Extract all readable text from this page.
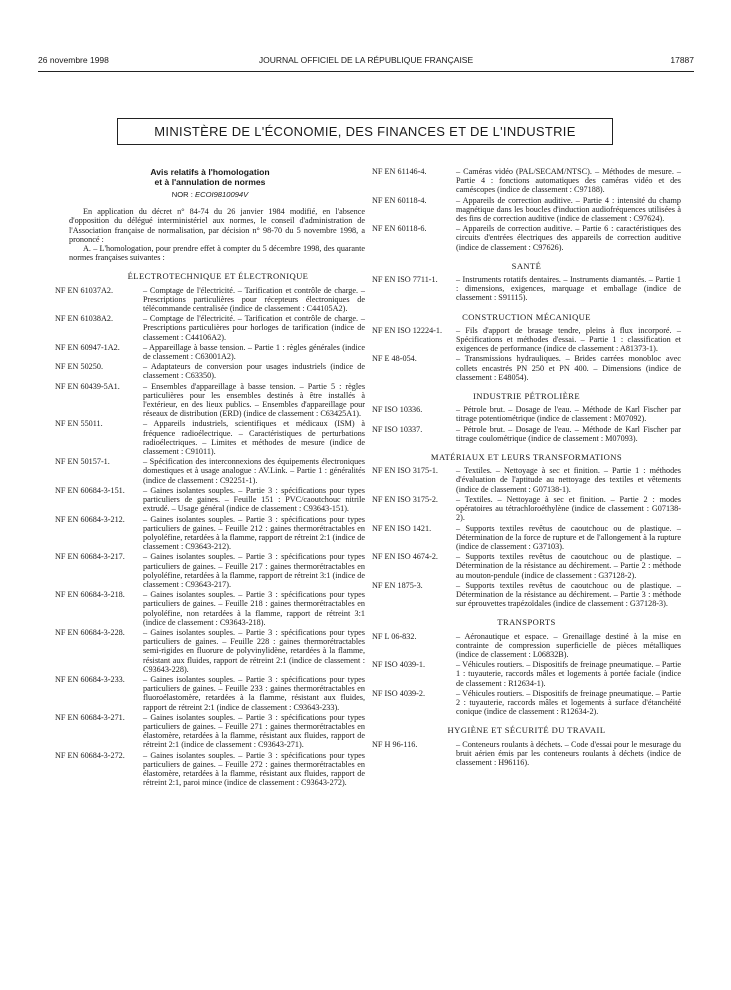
26 novembre 1998	JOURNAL OFFICIEL DE LA RÉPUBLIQUE FRANÇAISE	17887
MINISTÈRE DE L'ÉCONOMIE, DES FINANCES ET DE L'INDUSTRIE
Avis relatifs à l'homologation
et à l'annulation de normes
NOR : ECOI9810094V

En application du décret n° 84-74 du 26 janvier 1984 modifié, en l'absence d'opposition du délégué interministériel aux normes, le conseil d'administration de l'Association française de normalisation, par décision n° 98-70 du 5 novembre 1998, a prononcé :

A. – L'homologation, pour prendre effet à compter du 5 décembre 1998, des quarante normes françaises suivantes :

ÉLECTROTECHNIQUE ET ÉLECTRONIQUE
NF EN 61037A2.	– Comptage de l'électricité. – Tarification et contrôle de charge. – Prescriptions particulières pour récepteurs électroniques de télécommande centralisée (indice de classement : C44105A2).
NF EN 61038A2.	– Comptage de l'électricité. – Tarification et contrôle de charge. – Prescriptions particulières pour horloges de tarification (indice de classement : C44106A2).
NF EN 60947-1A2.	– Appareillage à basse tension. – Partie 1 : règles générales (indice de classement : C63001A2).
NF EN 50250.	– Adaptateurs de conversion pour usages industriels (indice de classement : C63350).
NF EN 60439-5A1.	– Ensembles d'appareillage à basse tension. – Partie 5 : règles particulières pour les ensembles destinés à être installés à l'extérieur, en des lieux publics. – Ensembles d'appareillage pour réseaux de distribution (ERD) (indice de classement : C63425A1).
NF EN 55011.	– Appareils industriels, scientifiques et médicaux (ISM) à fréquence radioélectrique. – Caractéristiques de perturbations radioélectriques. – Limites et méthodes de mesure (indice de classement : C91011).
NF EN 50157-1.	– Spécification des interconnexions des équipements électroniques domestiques et à usage analogue : AV.Link. – Partie 1 : généralités (indice de classement : C92251-1).
NF EN 60684-3-151.	– Gaines isolantes souples. – Partie 3 : spécifications pour types particuliers de gaines. – Feuille 151 : PVC/caoutchouc nitrile extrudé. – Usage général (indice de classement : C93643-151).
NF EN 60684-3-212.	– Gaines isolantes souples. – Partie 3 : spécifications pour types particuliers de gaines. – Feuille 212 : gaines thermorétractables en polyoléfine, retardées à la flamme, rapport de rétreint 2:1 (indice de classement : C93643-212).
NF EN 60684-3-217.	– Gaines isolantes souples. – Partie 3 : spécifications pour types particuliers de gaines. – Feuille 217 : gaines thermorétractables en polyoléfine, retardées à la flamme, rapport de rétreint 3:1 (indice de classement : C93643-217).
NF EN 60684-3-218.	– Gaines isolantes souples. – Partie 3 : spécifications pour types particuliers de gaines. – Feuille 218 : gaines thermorétractables en polyoléfine, non retardées à la flamme, rapport de rétreint 3:1 (indice de classement : C93643-218).
NF EN 60684-3-228.	– Gaines isolantes souples. – Partie 3 : spécifications pour types particuliers de gaines. – Feuille 228 : gaines thermorétractables semi-rigides en fluorure de polyvinylidène, retardées à la flamme, résistant aux fluides, rapport de rétreint 2:1 (indice de classement : C93643-228).
NF EN 60684-3-233.	– Gaines isolantes souples. – Partie 3 : spécifications pour types particuliers de gaines. – Feuille 233 : gaines thermorétractables en fluoroélastomère, retardées à la flamme, résistant aux fluides, rapport de rétreint 2:1 (indice de classement : C93643-233).
NF EN 60684-3-271.	– Gaines isolantes souples. – Partie 3 : spécifications pour types particuliers de gaines. – Feuille 271 : gaines thermorétractables en élastomère, retardées à la flamme, résistant aux fluides, rapport de rétreint 2:1 (indice de classement : C93643-271).
NF EN 60684-3-272.	– Gaines isolantes souples. – Partie 3 : spécifications pour types particuliers de gaines. – Feuille 272 : gaines thermorétractables en élastomère, retardées à la flamme, résistant aux fluides, rapport de rétreint 2:1, paroi mince (indice de classement : C93643-272).
NF EN 61146-4.	– Caméras vidéo (PAL/SECAM/NTSC). – Méthodes de mesure. – Partie 4 : fonctions automatiques des caméras vidéo et des caméscopes (indice de classement : C97188).
NF EN 60118-4.	– Appareils de correction auditive. – Partie 4 : intensité du champ magnétique dans les boucles d'induction audiofréquences utilisées à des fins de correction auditive (indice de classement : C97624).
NF EN 60118-6.	– Appareils de correction auditive. – Partie 6 : caractéristiques des circuits d'entrées électriques des appareils de correction auditive (indice de classement : C97626).
SANTÉ
NF EN ISO 7711-1.	– Instruments rotatifs dentaires. – Instruments diamantés. – Partie 1 : dimensions, exigences, marquage et emballage (indice de classement : S91115).
CONSTRUCTION MÉCANIQUE
NF EN ISO 12224-1.	– Fils d'apport de brasage tendre, pleins à flux incorporé. – Spécifications et méthodes d'essai. – Partie 1 : classification et exigences de performance (indice de classement : A81373-1).
NF E 48-054.	– Transmissions hydrauliques. – Brides carrées monobloc avec collets encastrés PN 250 et PN 400. – Dimensions (indice de classement : E48054).
INDUSTRIE PÉTROLIÈRE
NF ISO 10336.	– Pétrole brut. – Dosage de l'eau. – Méthode de Karl Fischer par titrage potentiométrique (indice de classement : M07092).
NF ISO 10337.	– Pétrole brut. – Dosage de l'eau. – Méthode de Karl Fischer par titrage coulométrique (indice de classement : M07093).
MATÉRIAUX ET LEURS TRANSFORMATIONS
NF EN ISO 3175-1.	– Textiles. – Nettoyage à sec et finition. – Partie 1 : méthodes d'évaluation de l'aptitude au nettoyage des textiles et vêtements (indice de classement : G07138-1).
NF EN ISO 3175-2.	– Textiles. – Nettoyage à sec et finition. – Partie 2 : modes opératoires au tétrachloroéthylène (indice de classement : G07138-2).
NF EN ISO 1421.	– Supports textiles revêtus de caoutchouc ou de plastique. – Détermination de la force de rupture et de l'allongement à la rupture (indice de classement : G37103).
NF EN ISO 4674-2.	– Supports textiles revêtus de caoutchouc ou de plastique. – Détermination de la résistance au déchirement. – Partie 2 : méthode au mouton-pendule (indice de classement : G37128-2).
NF EN 1875-3.	– Supports textiles revêtus de caoutchouc ou de plastique. – Détermination de la résistance au déchirement. – Partie 3 : méthode sur éprouvettes trapézoïdales (indice de classement : G37128-3).
TRANSPORTS
NF L 06-832.	– Aéronautique et espace. – Grenaillage destiné à la mise en contrainte de compression superficielle de pièces métalliques (indice de classement : L06832B).
NF ISO 4039-1.	– Véhicules routiers. – Dispositifs de freinage pneumatique. – Partie 1 : tuyauterie, raccords mâles et logements à portée faciale (indice de classement : R12634-1).
NF ISO 4039-2.	– Véhicules routiers. – Dispositifs de freinage pneumatique. – Partie 2 : tuyauterie, raccords mâles et logements à surface d'étanchéité conique (indice de classement : R12634-2).
HYGIÈNE ET SÉCURITÉ DU TRAVAIL
NF H 96-116.	– Conteneurs roulants à déchets. – Code d'essai pour le mesurage du bruit aérien émis par les conteneurs roulants à déchets (indice de classement : H96116).
